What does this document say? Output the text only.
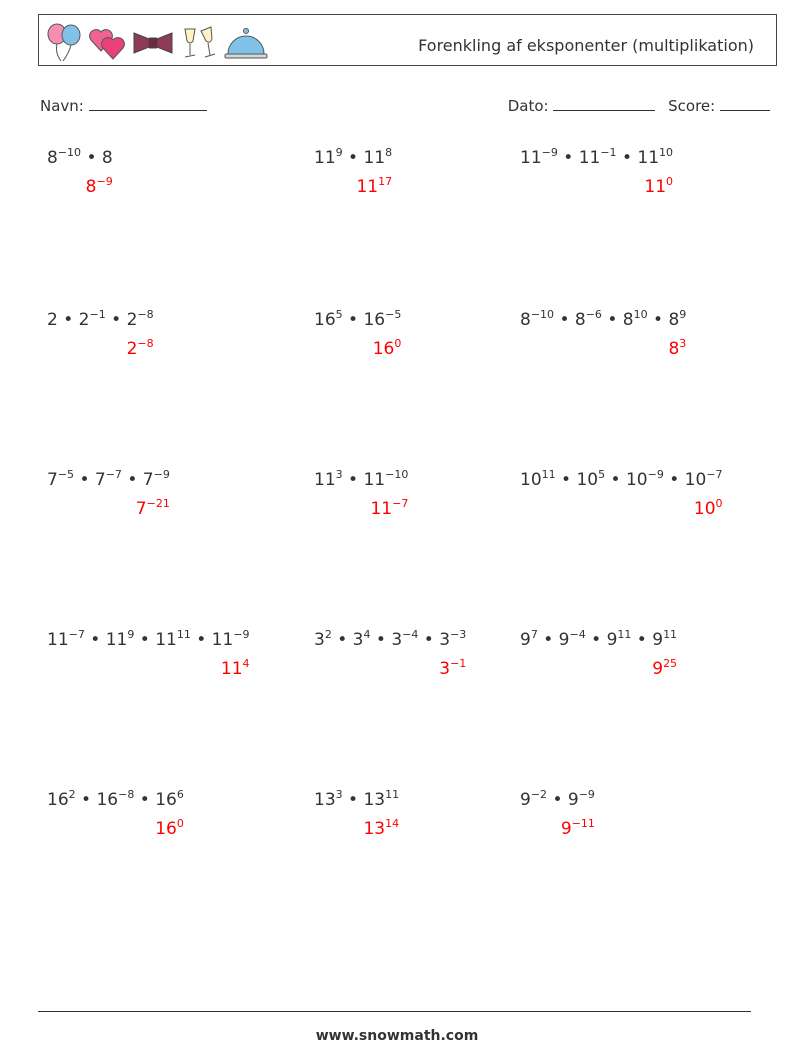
Forenkling af eksponenter (multiplikation)
Navn:	Dato:	Score:
$8^{-10}$ • 8
$8^{-9}$
$11^9$ • $11^8$
$11^{17}$
$11^{-9}$ • $11^{-1}$ • $11^{10}$
$11^0$
2 • $2^{-1}$ • $2^{-8}$
$2^{-8}$
$16^5$ • $16^{-5}$
$16^0$
$8^{-10}$ • $8^{-6}$ • $8^{10}$ • $8^9$
$8^3$
$7^{-5}$ • $7^{-7}$ • $7^{-9}$
$7^{-21}$
$11^3$ • $11^{-10}$
$11^{-7}$
$10^{11}$ • $10^5$ • $10^{-9}$ • $10^{-7}$
$10^0$
$11^{-7}$ • $11^9$ • $11^{11}$ • $11^{-9}$
$11^4$
$3^2$ • $3^4$ • $3^{-4}$ • $3^{-3}$
$3^{-1}$
$9^7$ • $9^{-4}$ • $9^{11}$ • $9^{11}$
$9^{25}$
$16^2$ • $16^{-8}$ • $16^6$
$16^0$
$13^3$ • $13^{11}$
$13^{14}$
$9^{-2}$ • $9^{-9}$
$9^{-11}$
www.snowmath.com
